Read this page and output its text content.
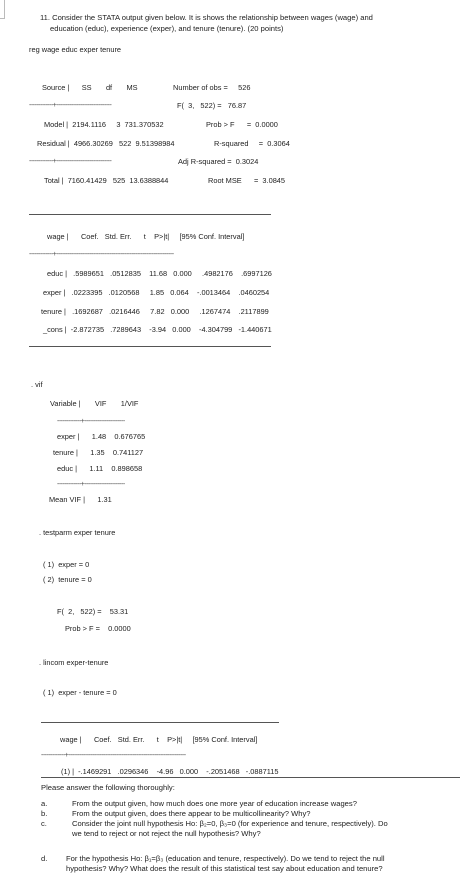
11. Consider the STATA output given below. It is shows the relationship between wages (wage) and
education (educ), experience (exper), and tenure (tenure). (20 points)
reg wage educ exper tenure
Source |      SS       df       MS	Number of obs =     526
-------------+------------------------------	F(  3,   522) =   76.87
Model |  2194.1116     3  731.370532	Prob > F      =  0.0000
Residual |  4966.30269   522  9.51398984	R-squared     =  0.3064
-------------+------------------------------	Adj R-squared =  0.3024
Total |  7160.41429   525  13.6388844	Root MSE      =  3.0845
wage |      Coef.   Std. Err.      t    P>|t|     [95% Conf. Interval]
-------------+----------------------------------------------------------------
educ |   .5989651   .0512835    11.68   0.000     .4982176    .6997126
exper |   .0223395   .0120568     1.85   0.064    -.0013464    .0460254
tenure |   .1692687   .0216446     7.82   0.000     .1267474    .2117899
_cons |  -2.872735   .7289643    -3.94   0.000    -4.304799   -1.440671
. vif
Variable |       VIF       1/VIF
-------------+----------------------
exper |      1.48    0.676765
tenure |      1.35    0.741127
educ |      1.11    0.898658
-------------+----------------------
Mean VIF |      1.31
. testparm exper tenure
( 1)  exper = 0
( 2)  tenure = 0
F(  2,   522) =    53.31
Prob > F =    0.0000
. lincom exper-tenure
( 1)  exper - tenure = 0
wage |      Coef.   Std. Err.      t    P>|t|     [95% Conf. Interval]
-------------+----------------------------------------------------------------
(1) |  -.1469291   .0296346    -4.96   0.000    -.2051468   -.0887115
Please answer the following thoroughly:
a.	From the output given, how much does one more year of education increase wages?
b.	From the output given, does there appear to be multicollinearity? Why?
c.	Consider the joint null hypothesis Ho: β₂=0, β₃=0 (for experience and tenure, respectively). Do
we tend to reject or not reject the null hypothesis? Why?
d. For the hypothesis Ho: β₁=β₃ (education and tenure, respectively). Do we tend to reject the null
hypothesis? Why? What does the result of this statistical test say about education and tenure?
